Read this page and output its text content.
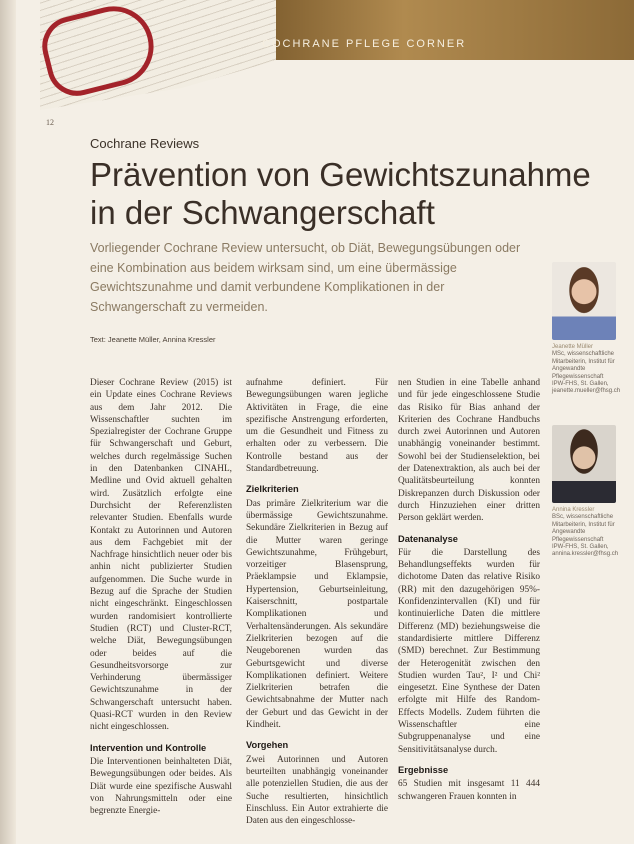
COCHRANE PFLEGE CORNER
12
Cochrane Reviews
Prävention von Gewichtszunahme
in der Schwangerschaft

Vorliegender Cochrane Review untersucht, ob Diät, Bewegungsübungen oder eine Kombination aus beidem wirksam sind, um eine übermässige Gewichtszunahme und damit verbundene Komplikationen in der Schwangerschaft zu vermeiden.

Text: Jeanette Müller, Annina Kressler

Dieser Cochrane Review (2015) ist ein Update eines Cochrane Reviews aus dem Jahr 2012. Die Wissenschaftler suchten im Spezialregister der Cochrane Gruppe für Schwangerschaft und Geburt, welches durch regelmässige Suchen in den Datenbanken CINAHL, Medline und Ovid aktuell gehalten wird. Zusätzlich erfolgte eine Durchsicht der Referenzlisten relevanter Studien. Ebenfalls wurde Kontakt zu Autorinnen und Autoren aus dem Fachgebiet mit der Nachfrage hinsichtlich neuer oder bis anhin nicht publizierter Studien aufgenommen. Die Suche wurde in Bezug auf die Sprache der Studien nicht eingeschränkt. Eingeschlossen wurden randomisiert kontrollierte Studien (RCT) und Cluster-RCT, welche Diät, Bewegungsübungen oder beides auf die Gesundheitsvorsorge zur Verhinderung übermässiger Gewichtszunahme in der Schwangerschaft untersucht haben. Quasi-RCT wurden in den Review nicht eingeschlossen.

Intervention und Kontrolle

Die Interventionen beinhalteten Diät, Bewegungsübungen oder beides. Als Diät wurde eine spezifische Auswahl von Nahrungsmitteln oder eine begrenzte Energie-

aufnahme definiert. Für Bewegungsübungen waren jegliche Aktivitäten in Frage, die eine spezifische Anstrengung erforderten, um die Gesundheit und Fitness zu erhalten oder zu verbessern. Die Kontrolle bestand aus der Standardbetreuung.

Zielkriterien

Das primäre Zielkriterium war die übermässige Gewichtszunahme. Sekundäre Zielkriterien in Bezug auf die Mutter waren geringe Gewichtszunahme, Frühgeburt, vorzeitiger Blasensprung, Präeklampsie und Eklampsie, Hypertension, Geburtseinleitung, Kaiserschnitt, postpartale Komplikationen und Verhaltensänderungen. Als sekundäre Zielkriterien bezogen auf die Neugeborenen wurden das Geburtsgewicht und diverse Komplikationen definiert. Weitere Zielkriterien betrafen die Gewichtsabnahme der Mutter nach der Geburt und das Gewicht in der Kindheit.

Vorgehen

Zwei Autorinnen und Autoren beurteilten unabhängig voneinander alle potenziellen Studien, die aus der Suche resultierten, hinsichtlich Einschluss. Ein Autor extrahierte die Daten aus den eingeschlosse-

nen Studien in eine Tabelle anhand und für jede eingeschlossene Studie das Risiko für Bias anhand der Kriterien des Cochrane Handbuchs durch zwei Autorinnen und Autoren unabhängig voneinander bestimmt. Sowohl bei der Studienselektion, bei der Datenextraktion, als auch bei der Qualitätsbeurteilung konnten Diskrepanzen durch Diskussion oder durch Hinzuziehen einer dritten Person geklärt werden.

Datenanalyse

Für die Darstellung des Behandlungseffekts wurden für dichotome Daten das relative Risiko (RR) mit den dazugehörigen 95%-Konfidenzintervallen (KI) und für kontinuierliche Daten die mittlere Differenz (MD) beziehungsweise die standardisierte mittlere Differenz (SMD) berechnet. Zur Bestimmung der Heterogenität zwischen den Studien wurden Tau², I² und Chi² eingesetzt. Eine Synthese der Daten erfolgte mit Hilfe des Random-Effects Modells. Zudem führten die Wissenschaftler eine Subgruppenanalyse und eine Sensitivitätsanalyse durch.

Ergebnisse

65 Studien mit insgesamt 11 444 schwangeren Frauen konnten in

Jeanette Müller
MSc, wissenschaftliche Mitarbeiterin, Institut für Angewandte Pflegewissenschaft IPW-FHS, St. Gallen, jeanette.mueller@fhsg.ch
Annina Kressler
BSc, wissenschaftliche Mitarbeiterin, Institut für Angewandte Pflegewissenschaft IPW-FHS, St. Gallen, annina.kressler@fhsg.ch
